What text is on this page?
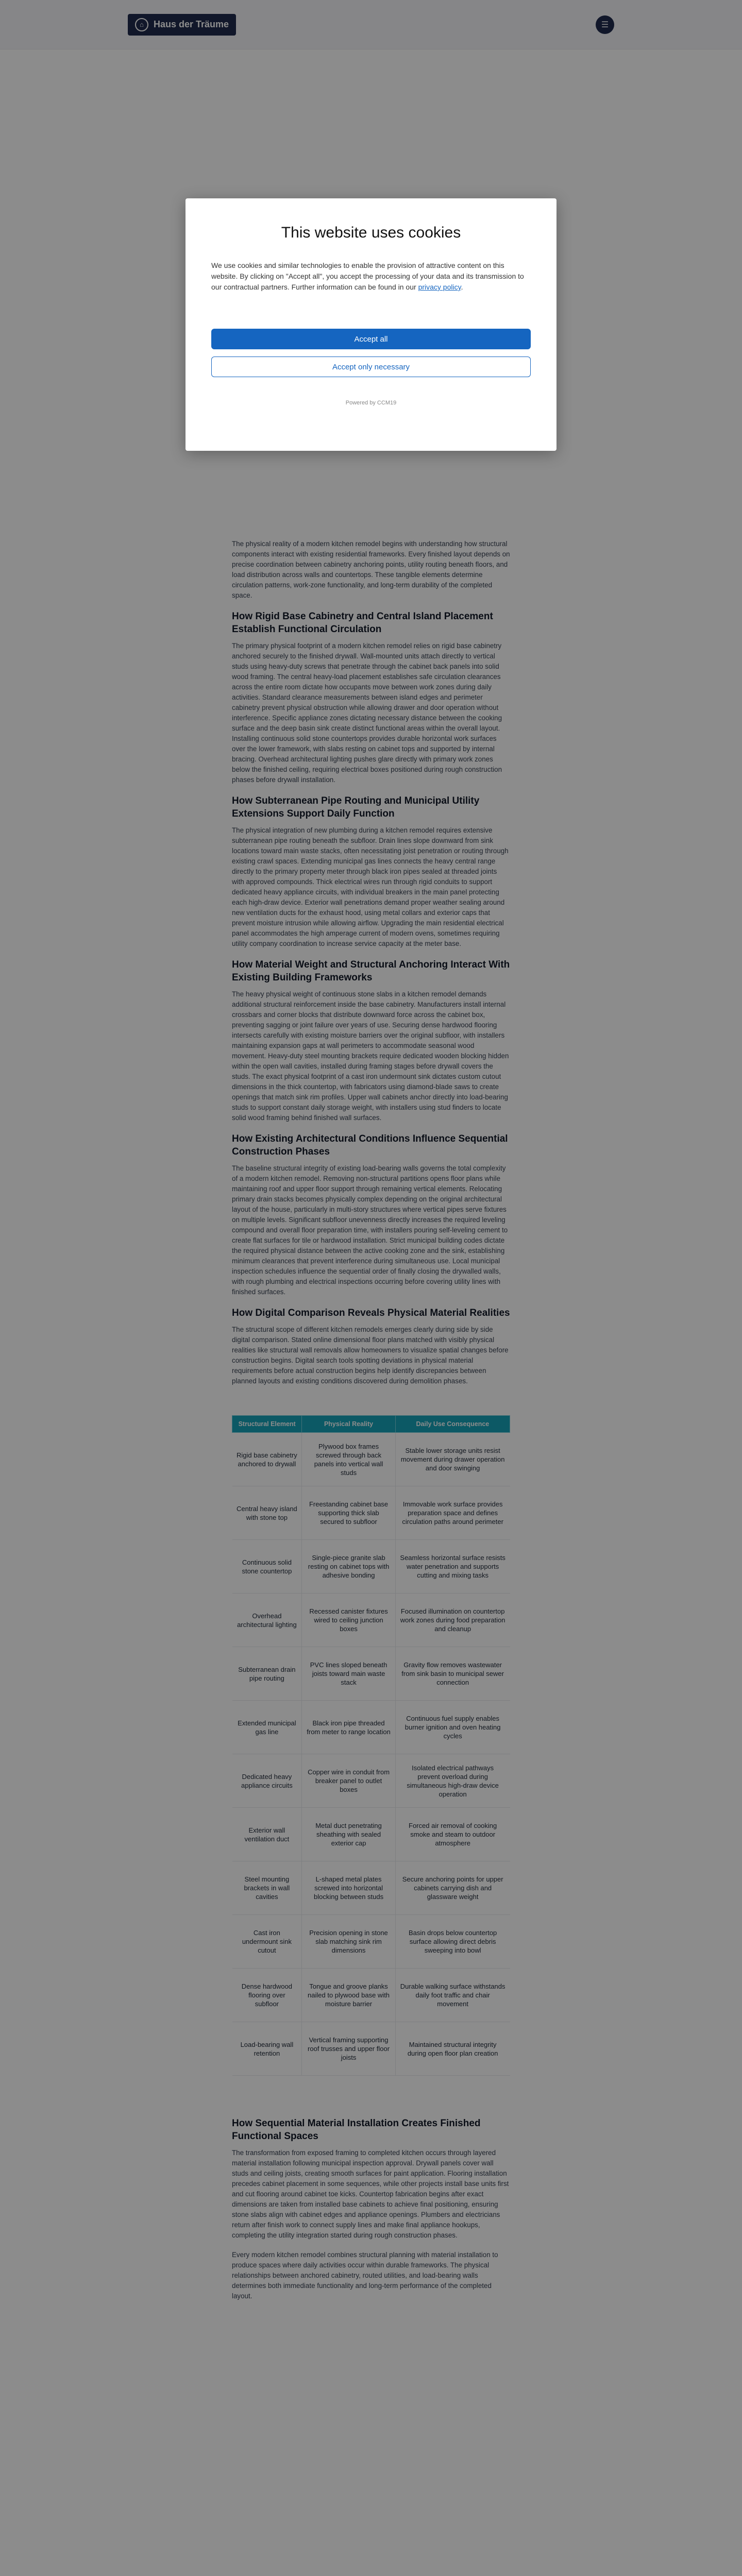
⌂	Haus der Träume	☰

The physical reality of a modern kitchen remodel begins with understanding how structural components interact with existing residential frameworks. Every finished layout depends on precise coordination between cabinetry anchoring points, utility routing beneath floors, and load distribution across walls and countertops. These tangible elements determine circulation patterns, work-zone functionality, and long-term durability of the completed space.

How Rigid Base Cabinetry and Central Island Placement Establish Functional Circulation

The primary physical footprint of a modern kitchen remodel relies on rigid base cabinetry anchored securely to the finished drywall. Wall-mounted units attach directly to vertical studs using heavy-duty screws that penetrate through the cabinet back panels into solid wood framing. The central heavy-load placement establishes safe circulation clearances across the entire room dictate how occupants move between work zones during daily activities. Standard clearance measurements between island edges and perimeter cabinetry prevent physical obstruction while allowing drawer and door operation without interference. Specific appliance zones dictating necessary distance between the cooking surface and the deep basin sink create distinct functional areas within the overall layout. Installing continuous solid stone countertops provides durable horizontal work surfaces over the lower framework, with slabs resting on cabinet tops and supported by internal bracing. Overhead architectural lighting pushes glare directly with primary work zones below the finished ceiling, requiring electrical boxes positioned during rough construction phases before drywall installation.

How Subterranean Pipe Routing and Municipal Utility Extensions Support Daily Function

The physical integration of new plumbing during a kitchen remodel requires extensive subterranean pipe routing beneath the subfloor. Drain lines slope downward from sink locations toward main waste stacks, often necessitating joist penetration or routing through existing crawl spaces. Extending municipal gas lines connects the heavy central range directly to the primary property meter through black iron pipes sealed at threaded joints with approved compounds. Thick electrical wires run through rigid conduits to support dedicated heavy appliance circuits, with individual breakers in the main panel protecting each high-draw device. Exterior wall penetrations demand proper weather sealing around new ventilation ducts for the exhaust hood, using metal collars and exterior caps that prevent moisture intrusion while allowing airflow. Upgrading the main residential electrical panel accommodates the high amperage current of modern ovens, sometimes requiring utility company coordination to increase service capacity at the meter base.

How Material Weight and Structural Anchoring Interact With Existing Building Frameworks

The heavy physical weight of continuous stone slabs in a kitchen remodel demands additional structural reinforcement inside the base cabinetry. Manufacturers install internal crossbars and corner blocks that distribute downward force across the cabinet box, preventing sagging or joint failure over years of use. Securing dense hardwood flooring intersects carefully with existing moisture barriers over the original subfloor, with installers maintaining expansion gaps at wall perimeters to accommodate seasonal wood movement. Heavy-duty steel mounting brackets require dedicated wooden blocking hidden within the open wall cavities, installed during framing stages before drywall covers the studs. The exact physical footprint of a cast iron undermount sink dictates custom cutout dimensions in the thick countertop, with fabricators using diamond-blade saws to create openings that match sink rim profiles. Upper wall cabinets anchor directly into load-bearing studs to support constant daily storage weight, with installers using stud finders to locate solid wood framing behind finished wall surfaces.

How Existing Architectural Conditions Influence Sequential Construction Phases

The baseline structural integrity of existing load-bearing walls governs the total complexity of a modern kitchen remodel. Removing non-structural partitions opens floor plans while maintaining roof and upper floor support through remaining vertical elements. Relocating primary drain stacks becomes physically complex depending on the original architectural layout of the house, particularly in multi-story structures where vertical pipes serve fixtures on multiple levels. Significant subfloor unevenness directly increases the required leveling compound and overall floor preparation time, with installers pouring self-leveling cement to create flat surfaces for tile or hardwood installation. Strict municipal building codes dictate the required physical distance between the active cooking zone and the sink, establishing minimum clearances that prevent interference during simultaneous use. Local municipal inspection schedules influence the sequential order of finally closing the drywalled walls, with rough plumbing and electrical inspections occurring before covering utility lines with finished surfaces.

How Digital Comparison Reveals Physical Material Realities

The structural scope of different kitchen remodels emerges clearly during side by side digital comparison. Stated online dimensional floor plans matched with visibly physical realities like structural wall removals allow homeowners to visualize spatial changes before construction begins. Digital search tools spotting deviations in physical material requirements before actual construction begins help identify discrepancies between planned layouts and existing conditions discovered during demolition phases.

Structural Element	Physical Reality	Daily Use Consequence
Rigid base cabinetry anchored to drywall	Plywood box frames screwed through back panels into vertical wall studs	Stable lower storage units resist movement during drawer operation and door swinging
Central heavy island with stone top	Freestanding cabinet base supporting thick slab secured to subfloor	Immovable work surface provides preparation space and defines circulation paths around perimeter
Continuous solid stone countertop	Single-piece granite slab resting on cabinet tops with adhesive bonding	Seamless horizontal surface resists water penetration and supports cutting and mixing tasks
Overhead architectural lighting	Recessed canister fixtures wired to ceiling junction boxes	Focused illumination on countertop work zones during food preparation and cleanup
Subterranean drain pipe routing	PVC lines sloped beneath joists toward main waste stack	Gravity flow removes wastewater from sink basin to municipal sewer connection
Extended municipal gas line	Black iron pipe threaded from meter to range location	Continuous fuel supply enables burner ignition and oven heating cycles
Dedicated heavy appliance circuits	Copper wire in conduit from breaker panel to outlet boxes	Isolated electrical pathways prevent overload during simultaneous high-draw device operation
Exterior wall ventilation duct	Metal duct penetrating sheathing with sealed exterior cap	Forced air removal of cooking smoke and steam to outdoor atmosphere
Steel mounting brackets in wall cavities	L-shaped metal plates screwed into horizontal blocking between studs	Secure anchoring points for upper cabinets carrying dish and glassware weight
Cast iron undermount sink cutout	Precision opening in stone slab matching sink rim dimensions	Basin drops below countertop surface allowing direct debris sweeping into bowl
Dense hardwood flooring over subfloor	Tongue and groove planks nailed to plywood base with moisture barrier	Durable walking surface withstands daily foot traffic and chair movement
Load-bearing wall retention	Vertical framing supporting roof trusses and upper floor joists	Maintained structural integrity during open floor plan creation
How Sequential Material Installation Creates Finished Functional Spaces

The transformation from exposed framing to completed kitchen occurs through layered material installation following municipal inspection approval. Drywall panels cover wall studs and ceiling joists, creating smooth surfaces for paint application. Flooring installation precedes cabinet placement in some sequences, while other projects install base units first and cut flooring around cabinet toe kicks. Countertop fabrication begins after exact dimensions are taken from installed base cabinets to achieve final positioning, ensuring stone slabs align with cabinet edges and appliance openings. Plumbers and electricians return after finish work to connect supply lines and make final appliance hookups, completing the utility integration started during rough construction phases.

Every modern kitchen remodel combines structural planning with material installation to produce spaces where daily activities occur within durable frameworks. The physical relationships between anchored cabinetry, routed utilities, and load-bearing walls determines both immediate functionality and long-term performance of the completed layout.

This website uses cookies

We use cookies and similar technologies to enable the provision of attractive content on this website. By clicking on "Accept all", you accept the processing of your data and its transmission to our contractual partners. Further information can be found in our privacy policy.

Accept all
Accept only necessary
Powered by CCM19
